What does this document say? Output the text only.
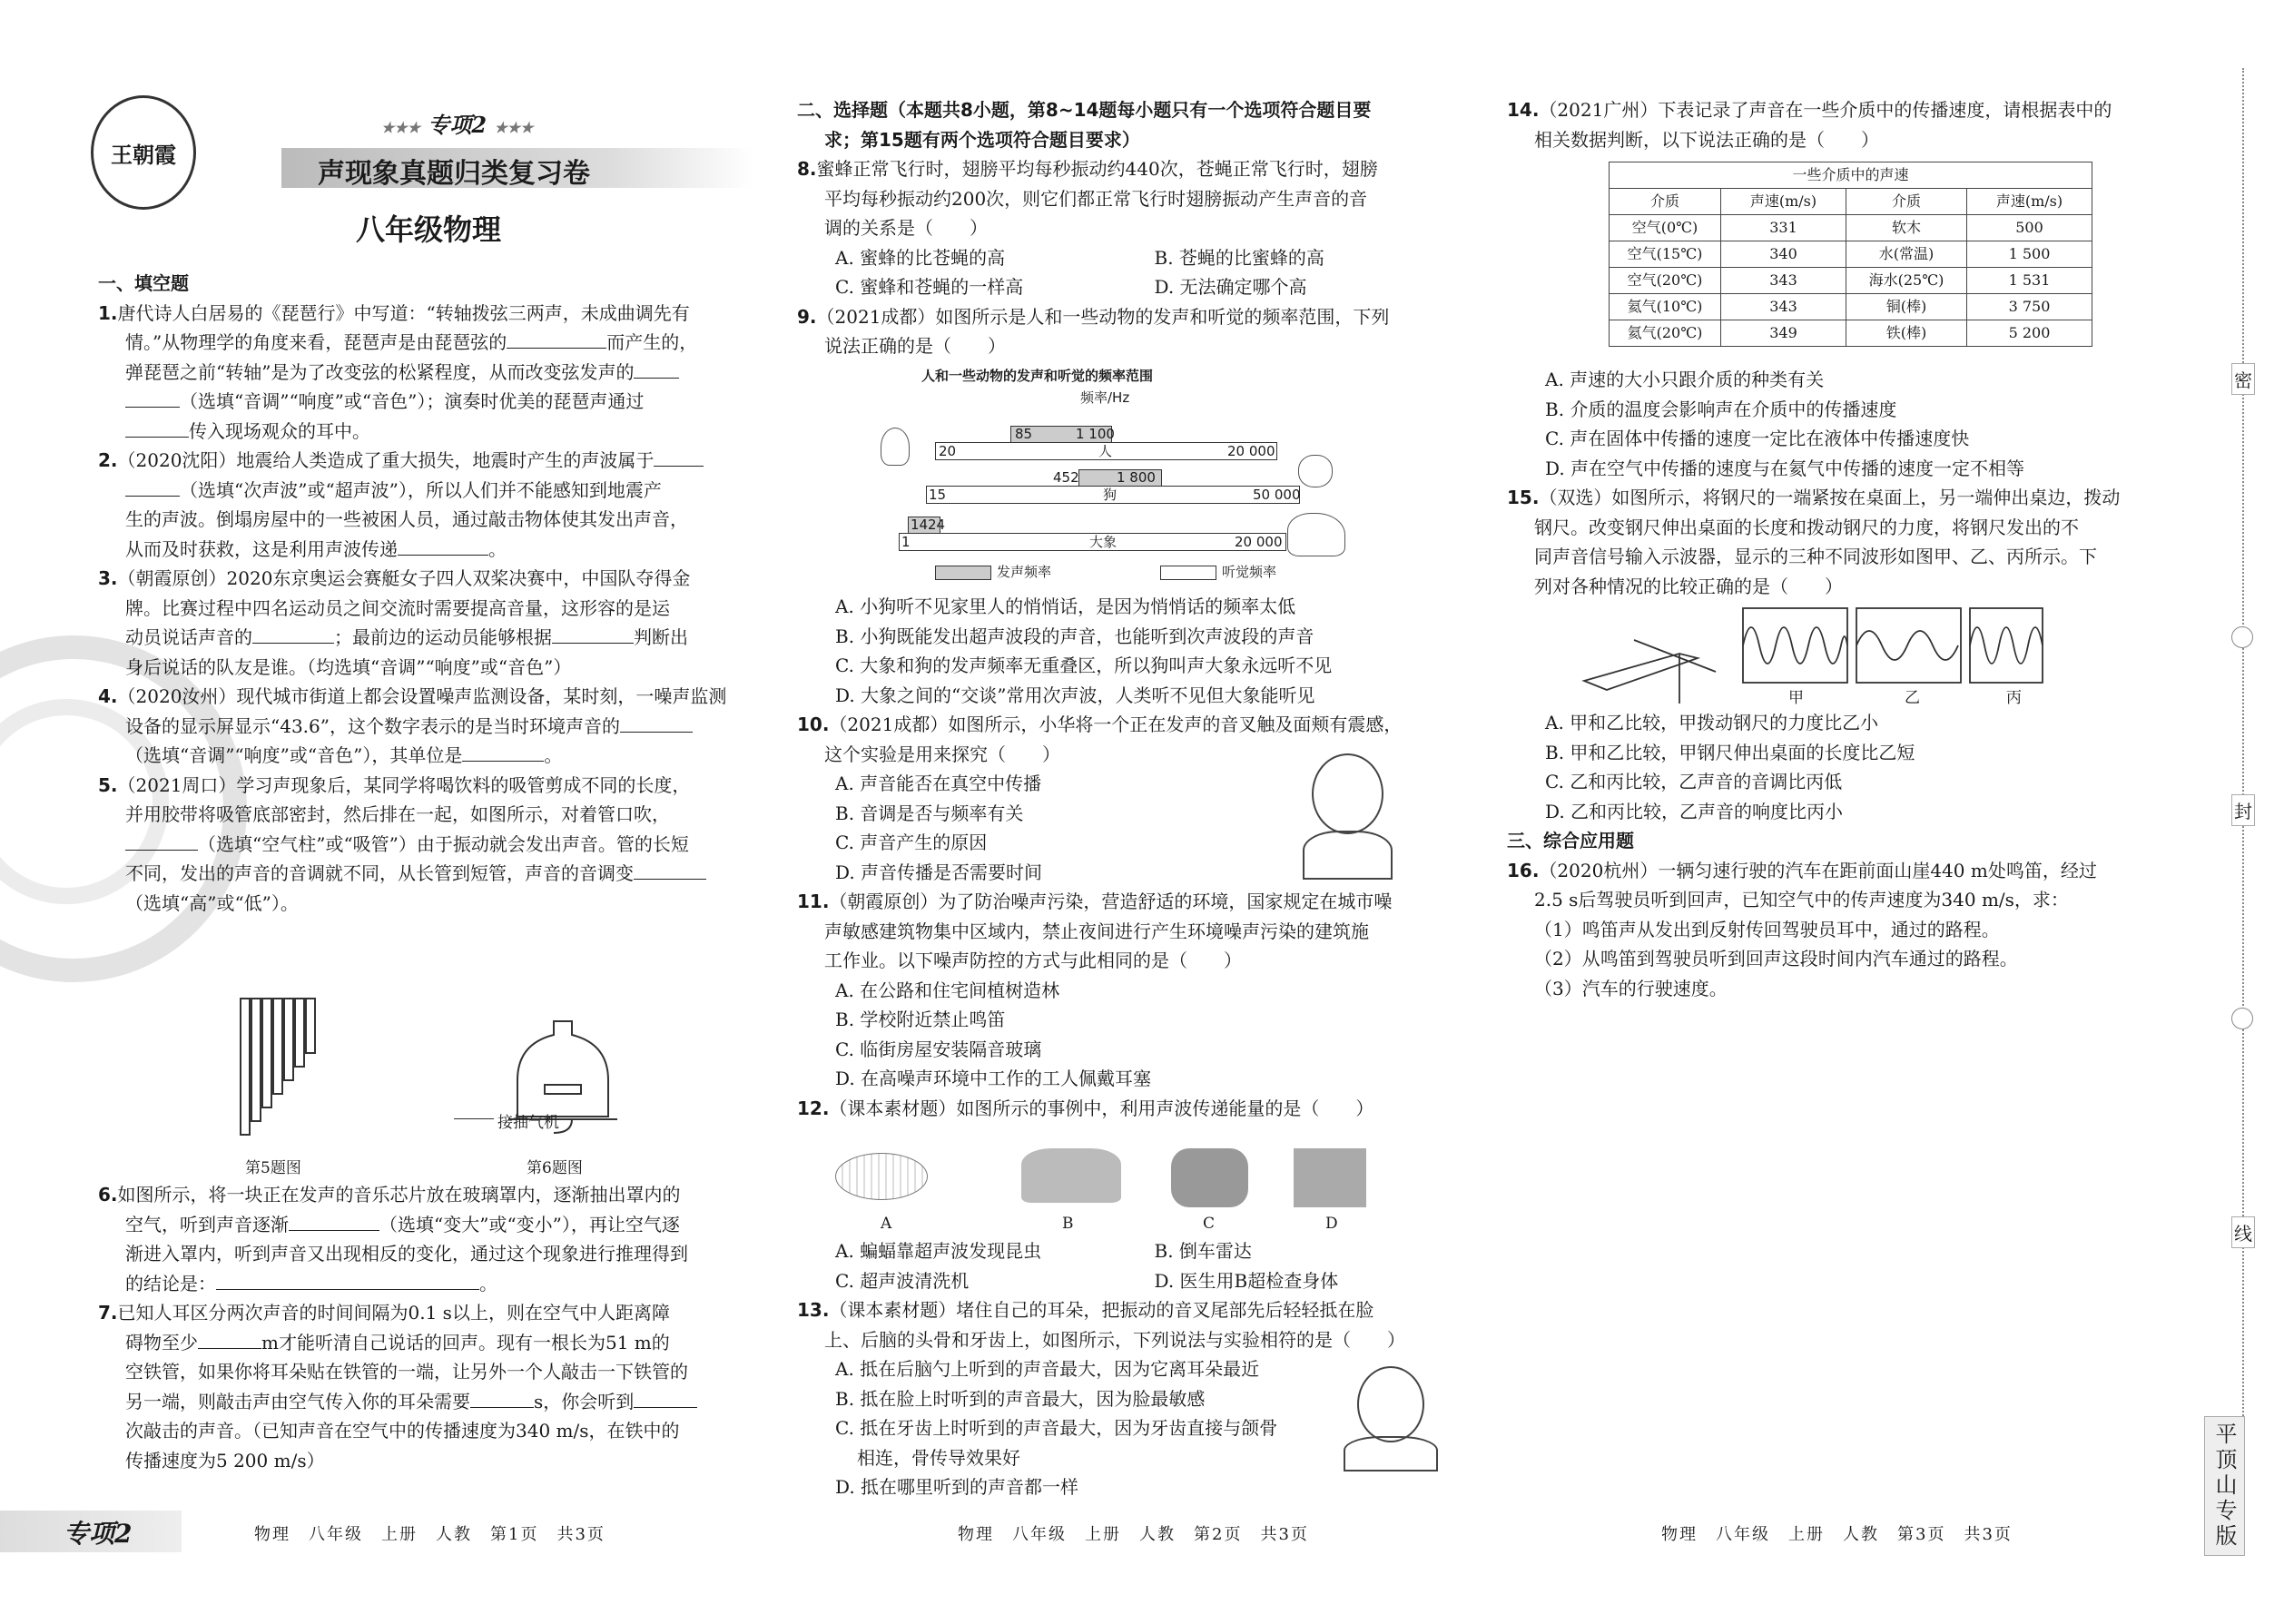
王朝霞
★★★ 专项2 ★★★
声现象真题归类复习卷
八年级物理

一、填空题

1.唐代诗人白居易的《琵琶行》中写道：“转轴拨弦三两声，未成曲调先有

情。”从物理学的角度来看，琵琶声是由琵琶弦的	而产生的，

弹琵琶之前“转轴”是为了改变弦的松紧程度，从而改变弦发声的

（选填“音调”“响度”或“音色”）；演奏时优美的琵琶声通过

传入现场观众的耳中。

2.（2020沈阳）地震给人类造成了重大损失，地震时产生的声波属于

（选填“次声波”或“超声波”），所以人们并不能感知到地震产

生的声波。倒塌房屋中的一些被困人员，通过敲击物体使其发出声音，

从而及时获救，这是利用声波传递	。

3.（朝霞原创）2020东京奥运会赛艇女子四人双桨决赛中，中国队夺得金

牌。比赛过程中四名运动员之间交流时需要提高音量，这形容的是运

动员说话声音的	；最前边的运动员能够根据	判断出

身后说话的队友是谁。（均选填“音调”“响度”或“音色”）

4.（2020汝州）现代城市街道上都会设置噪声监测设备，某时刻，一噪声监测

设备的显示屏显示“43.6”，这个数字表示的是当时环境声音的

（选填“音调”“响度”或“音色”），其单位是	。

5.（2021周口）学习声现象后，某同学将喝饮料的吸管剪成不同的长度，

并用胶带将吸管底部密封，然后排在一起，如图所示，对着管口吹，

（选填“空气柱”或“吸管”）由于振动就会发出声音。管的长短

不同，发出的声音的音调就不同，从长管到短管，声音的音调变

（选填“高”或“低”）。

第5题图
接抽气机
第6题图

6.如图所示，将一块正在发声的音乐芯片放在玻璃罩内，逐渐抽出罩内的

空气，听到声音逐渐	（选填“变大”或“变小”），再让空气逐

渐进入罩内，听到声音又出现相反的变化，通过这个现象进行推理得到

的结论是：	。

7.已知人耳区分两次声音的时间间隔为0.1 s以上，则在空气中人距离障

碍物至少	m才能听清自己说话的回声。现有一根长为51 m的

空铁管，如果你将耳朵贴在铁管的一端，让另外一个人敲击一下铁管的

另一端，则敲击声由空气传入你的耳朵需要	s，你会听到

次敲击的声音。（已知声音在空气中的传播速度为340 m/s，在铁中的

传播速度为5 200 m/s）

二、选择题（本题共8小题，第8~14题每小题只有一个选项符合题目要

求；第15题有两个选项符合题目要求）

8.蜜蜂正常飞行时，翅膀平均每秒振动约440次，苍蝇正常飞行时，翅膀

平均每秒振动约200次，则它们都正常飞行时翅膀振动产生声音的音

调的关系是（　　）

A. 蜜蜂的比苍蝇的高	B. 苍蝇的比蜜蜂的高
C. 蜜蜂和苍蝇的一样高	D. 无法确定哪个高

9.（2021成都）如图所示是人和一些动物的发声和听觉的频率范围，下列

说法正确的是（　　）

人和一些动物的发声和听觉的频率范围
频率/Hz
20	20 000
85	1 100
人
15	50 000
452	1 800
狗
1	20 000
14 24
大象
发声频率	听觉频率

A. 小狗听不见家里人的悄悄话，是因为悄悄话的频率太低

B. 小狗既能发出超声波段的声音，也能听到次声波段的声音

C. 大象和狗的发声频率无重叠区，所以狗叫声大象永远听不见

D. 大象之间的“交谈”常用次声波，人类听不见但大象能听见

10.（2021成都）如图所示，小华将一个正在发声的音叉触及面颊有震感，

这个实验是用来探究（　　）

A. 声音能否在真空中传播

B. 音调是否与频率有关

C. 声音产生的原因

D. 声音传播是否需要时间

11.（朝霞原创）为了防治噪声污染，营造舒适的环境，国家规定在城市噪

声敏感建筑物集中区域内，禁止夜间进行产生环境噪声污染的建筑施

工作业。以下噪声防控的方式与此相同的是（　　）

A. 在公路和住宅间植树造林

B. 学校附近禁止鸣笛

C. 临街房屋安装隔音玻璃

D. 在高噪声环境中工作的工人佩戴耳塞

12.（课本素材题）如图所示的事例中，利用声波传递能量的是（　　）

A	B	C	D
A. 蝙蝠靠超声波发现昆虫	B. 倒车雷达
C. 超声波清洗机	D. 医生用B超检查身体

13.（课本素材题）堵住自己的耳朵，把振动的音叉尾部先后轻轻抵在脸

上、后脑的头骨和牙齿上，如图所示，下列说法与实验相符的是（　　）

A. 抵在后脑勺上听到的声音最大，因为它离耳朵最近

B. 抵在脸上时听到的声音最大，因为脸最敏感

C. 抵在牙齿上时听到的声音最大，因为牙齿直接与颌骨

相连，骨传导效果好

D. 抵在哪里听到的声音都一样

14.（2021广州）下表记录了声音在一些介质中的传播速度，请根据表中的

相关数据判断，以下说法正确的是（　　）

一些介质中的声速			
介质	声速(m/s)	介质	声速(m/s)
空气(0℃)	331	软木	500
空气(15℃)	340	水(常温)	1 500
空气(20℃)	343	海水(25℃)	1 531
氦气(10℃)	343	铜(棒)	3 750
氦气(20℃)	349	铁(棒)	5 200

A. 声速的大小只跟介质的种类有关

B. 介质的温度会影响声在介质中的传播速度

C. 声在固体中传播的速度一定比在液体中传播速度快

D. 声在空气中传播的速度与在氦气中传播的速度一定不相等

15.（双选）如图所示，将钢尺的一端紧按在桌面上，另一端伸出桌边，拨动

钢尺。改变钢尺伸出桌面的长度和拨动钢尺的力度，将钢尺发出的不

同声音信号输入示波器，显示的三种不同波形如图甲、乙、丙所示。下

列对各种情况的比较正确的是（　　）

甲	乙	丙

A. 甲和乙比较，甲拨动钢尺的力度比乙小

B. 甲和乙比较，甲钢尺伸出桌面的长度比乙短

C. 乙和丙比较，乙声音的音调比丙低

D. 乙和丙比较，乙声音的响度比丙小

三、综合应用题

16.（2020杭州）一辆匀速行驶的汽车在距前面山崖440 m处鸣笛，经过

2.5 s后驾驶员听到回声，已知空气中的传声速度为340 m/s，求：

（1）鸣笛声从发出到反射传回驾驶员耳中，通过的路程。

（2）从鸣笛到驾驶员听到回声这段时间内汽车通过的路程。

（3）汽车的行驶速度。

密
封
线
平顶山专版
专项2	物理　八年级　上册　人教　第1页　共3页	物理　八年级　上册　人教　第2页　共3页	物理　八年级　上册　人教　第3页　共3页
